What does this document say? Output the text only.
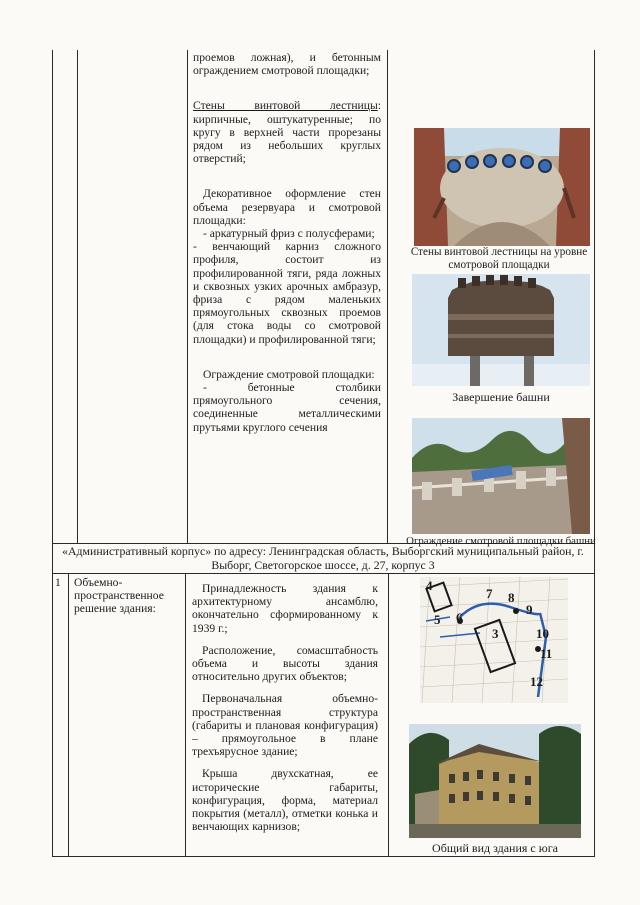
проемов ложная), и бетонным ограждением смотровой площадки;

Стены винтовой лестницы: кирпичные, оштукатуренные; по кругу в верхней части прорезаны рядом из небольших круглых отверстий;

Декоративное оформление стен объема резервуара и смотровой площадки:

- аркатурный фриз с полусферами;

- венчающий карниз сложного профиля, состоит из профилированной тяги, ряда ложных и сквозных узких арочных амбразур, фриза с рядом маленьких прямоугольных сквозных проемов (для стока воды со смотровой площадки) и профилированной тяги;

Ограждение смотровой площадки:

- бетонные столбики прямоугольного сечения, соединенные металлическими прутьями круглого сечения

Стены винтовой лестницы на уровне смотровой площадки
Завершение башни
Ограждение смотровой площадки башни
«Административный корпус» по адресу: Ленинградская область, Выборгский муниципальный район, г. Выборг, Светогорское шоссе, д. 27, корпус 3
1 Объемно-пространственное решение здания:

Принадлежность здания к архитектурному ансамблю, окончательно сформированному к 1939 г.;

Расположение, сомасштабность объема и высоты здания относительно других объектов;

Первоначальная объемно-пространственная структура (габариты и плановая конфигурация) – прямоугольное в плане трехъярусное здание;

Крыша двухскатная, ее исторические габариты, конфигурация, форма, материал покрытия (металл), отметки конька и венчающих карнизов;

4
5 6
7 8
9
10
11
12
3
Общий вид здания с юга
